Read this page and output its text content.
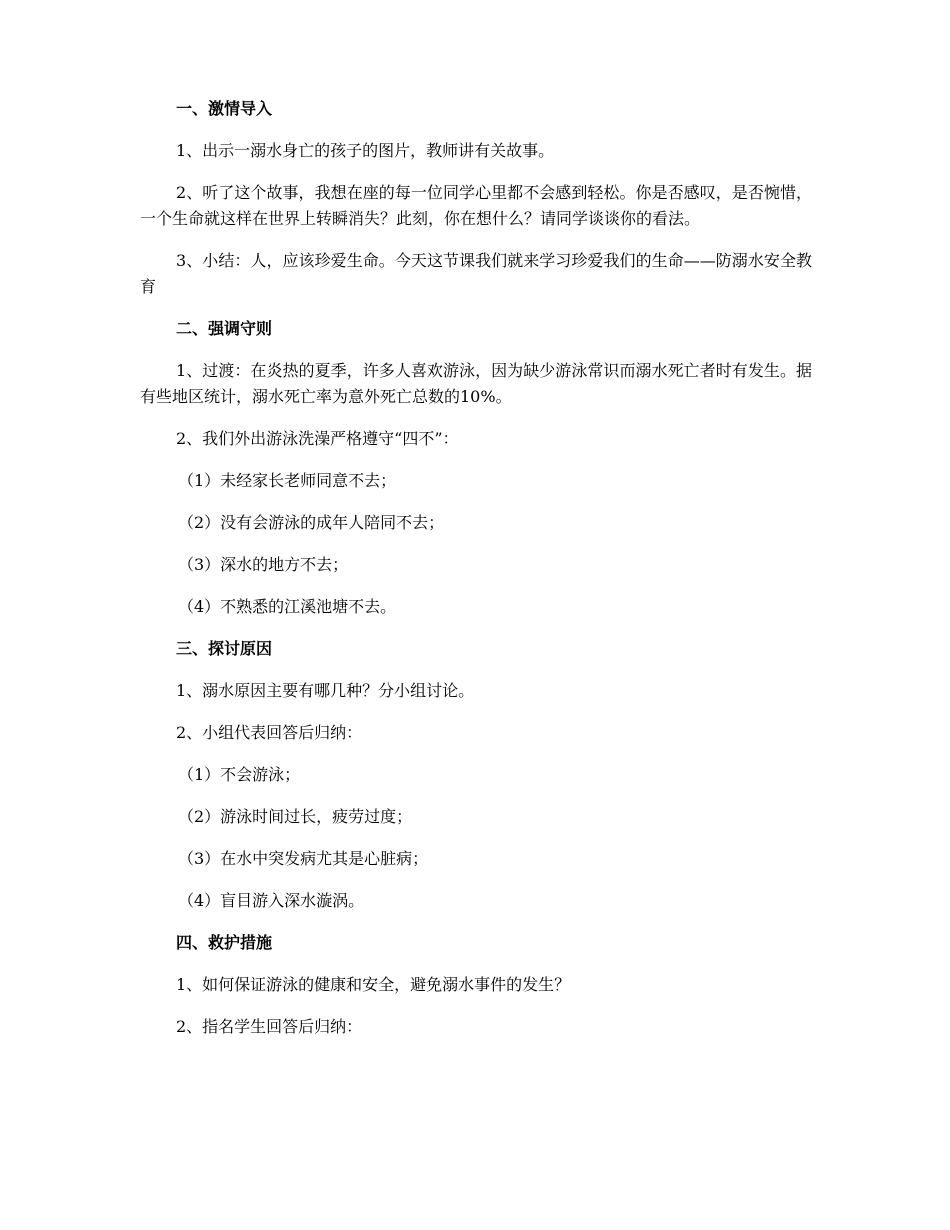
一、激情导入

1、出示一溺水身亡的孩子的图片，教师讲有关故事。

2、听了这个故事，我想在座的每一位同学心里都不会感到轻松。你是否感叹，是否惋惜，一个生命就这样在世界上转瞬消失？此刻，你在想什么？请同学谈谈你的看法。

3、小结：人，应该珍爱生命。今天这节课我们就来学习珍爱我们的生命——防溺水安全教育

二、强调守则

1、过渡：在炎热的夏季，许多人喜欢游泳，因为缺少游泳常识而溺水死亡者时有发生。据有些地区统计，溺水死亡率为意外死亡总数的10%。

2、我们外出游泳洗澡严格遵守“四不”：

（1）未经家长老师同意不去；

（2）没有会游泳的成年人陪同不去；

（3）深水的地方不去；

（4）不熟悉的江溪池塘不去。

三、探讨原因

1、溺水原因主要有哪几种？分小组讨论。

2、小组代表回答后归纳：

（1）不会游泳；

（2）游泳时间过长，疲劳过度；

（3）在水中突发病尤其是心脏病；

（4）盲目游入深水漩涡。

四、救护措施

1、如何保证游泳的健康和安全，避免溺水事件的发生？

2、指名学生回答后归纳：
